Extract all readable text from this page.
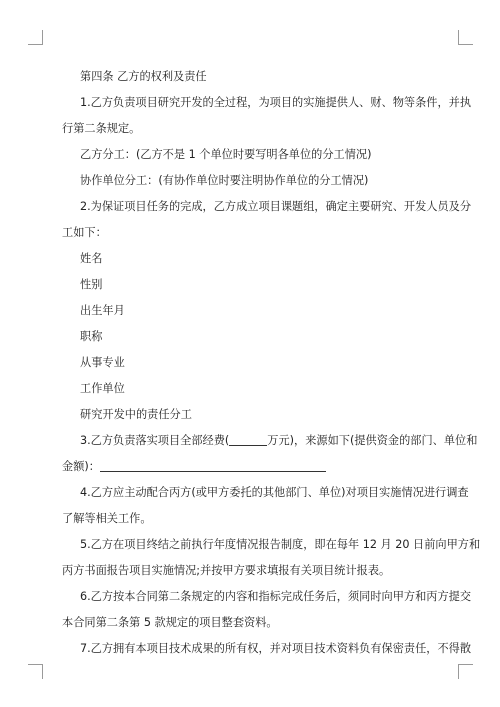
第四条 乙方的权利及责任
1.乙方负责项目研究开发的全过程，为项目的实施提供人、财、物等条件，并执
行第二条规定。
乙方分工：(乙方不是 1 个单位时要写明各单位的分工情况)
协作单位分工：(有协作单位时要注明协作单位的分工情况)
2.为保证项目任务的完成，乙方成立项目课题组，确定主要研究、开发人员及分
工如下：
姓名
性别
出生年月
职称
从事专业
工作单位
研究开发中的责任分工
3.乙方负责落实项目全部经费(	万元)，来源如下(提供资金的部门、单位和
金额)：
4.乙方应主动配合丙方(或甲方委托的其他部门、单位)对项目实施情况进行调查
了解等相关工作。
5.乙方在项目终结之前执行年度情况报告制度，即在每年 12 月 20 日前向甲方和
丙方书面报告项目实施情况;并按甲方要求填报有关项目统计报表。
6.乙方按本合同第二条规定的内容和指标完成任务后，须同时向甲方和丙方提交
本合同第二条第 5 款规定的项目整套资料。
7.乙方拥有本项目技术成果的所有权，并对项目技术资料负有保密责任，不得散
